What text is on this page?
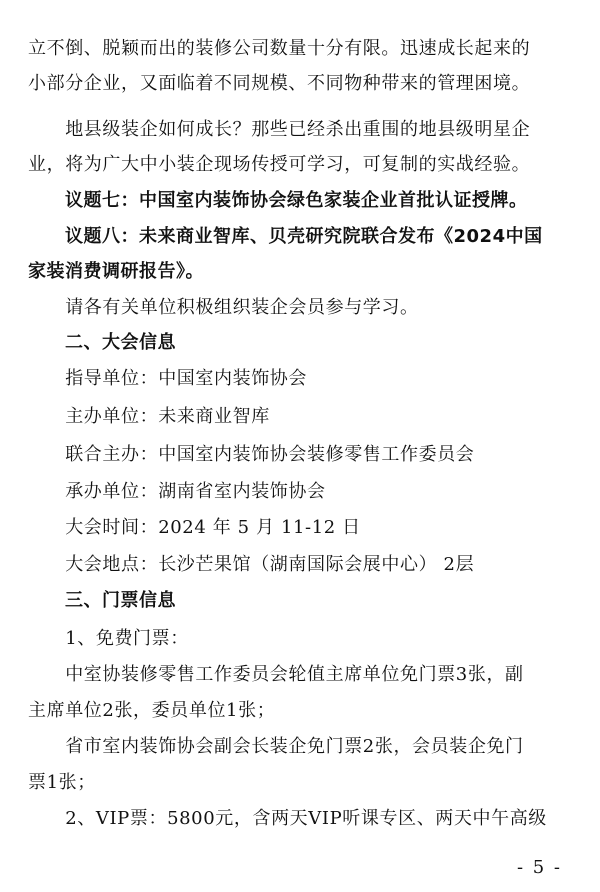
立不倒、脱颖而出的装修公司数量十分有限。迅速成长起来的
小部分企业，又面临着不同规模、不同物种带来的管理困境。
　　地县级装企如何成长？那些已经杀出重围的地县级明星企
业，将为广大中小装企现场传授可学习，可复制的实战经验。
　　议题七：中国室内装饰协会绿色家装企业首批认证授牌。
　　议题八：未来商业智库、贝壳研究院联合发布《2024中国
家装消费调研报告》。
　　请各有关单位积极组织装企会员参与学习。
　　二、大会信息
　　指导单位：中国室内装饰协会
　　主办单位：未来商业智库
　　联合主办：中国室内装饰协会装修零售工作委员会
　　承办单位：湖南省室内装饰协会
　　大会时间：2024 年 5 月 11-12 日
　　大会地点：长沙芒果馆（湖南国际会展中心） 2层
　　三、门票信息
　　1、免费门票：
　　中室协装修零售工作委员会轮值主席单位免门票3张，副
主席单位2张，委员单位1张；
　　省市室内装饰协会副会长装企免门票2张，会员装企免门
票1张；
　　2、VIP票：5800元，含两天VIP听课专区、两天中午高级
- 5 -
